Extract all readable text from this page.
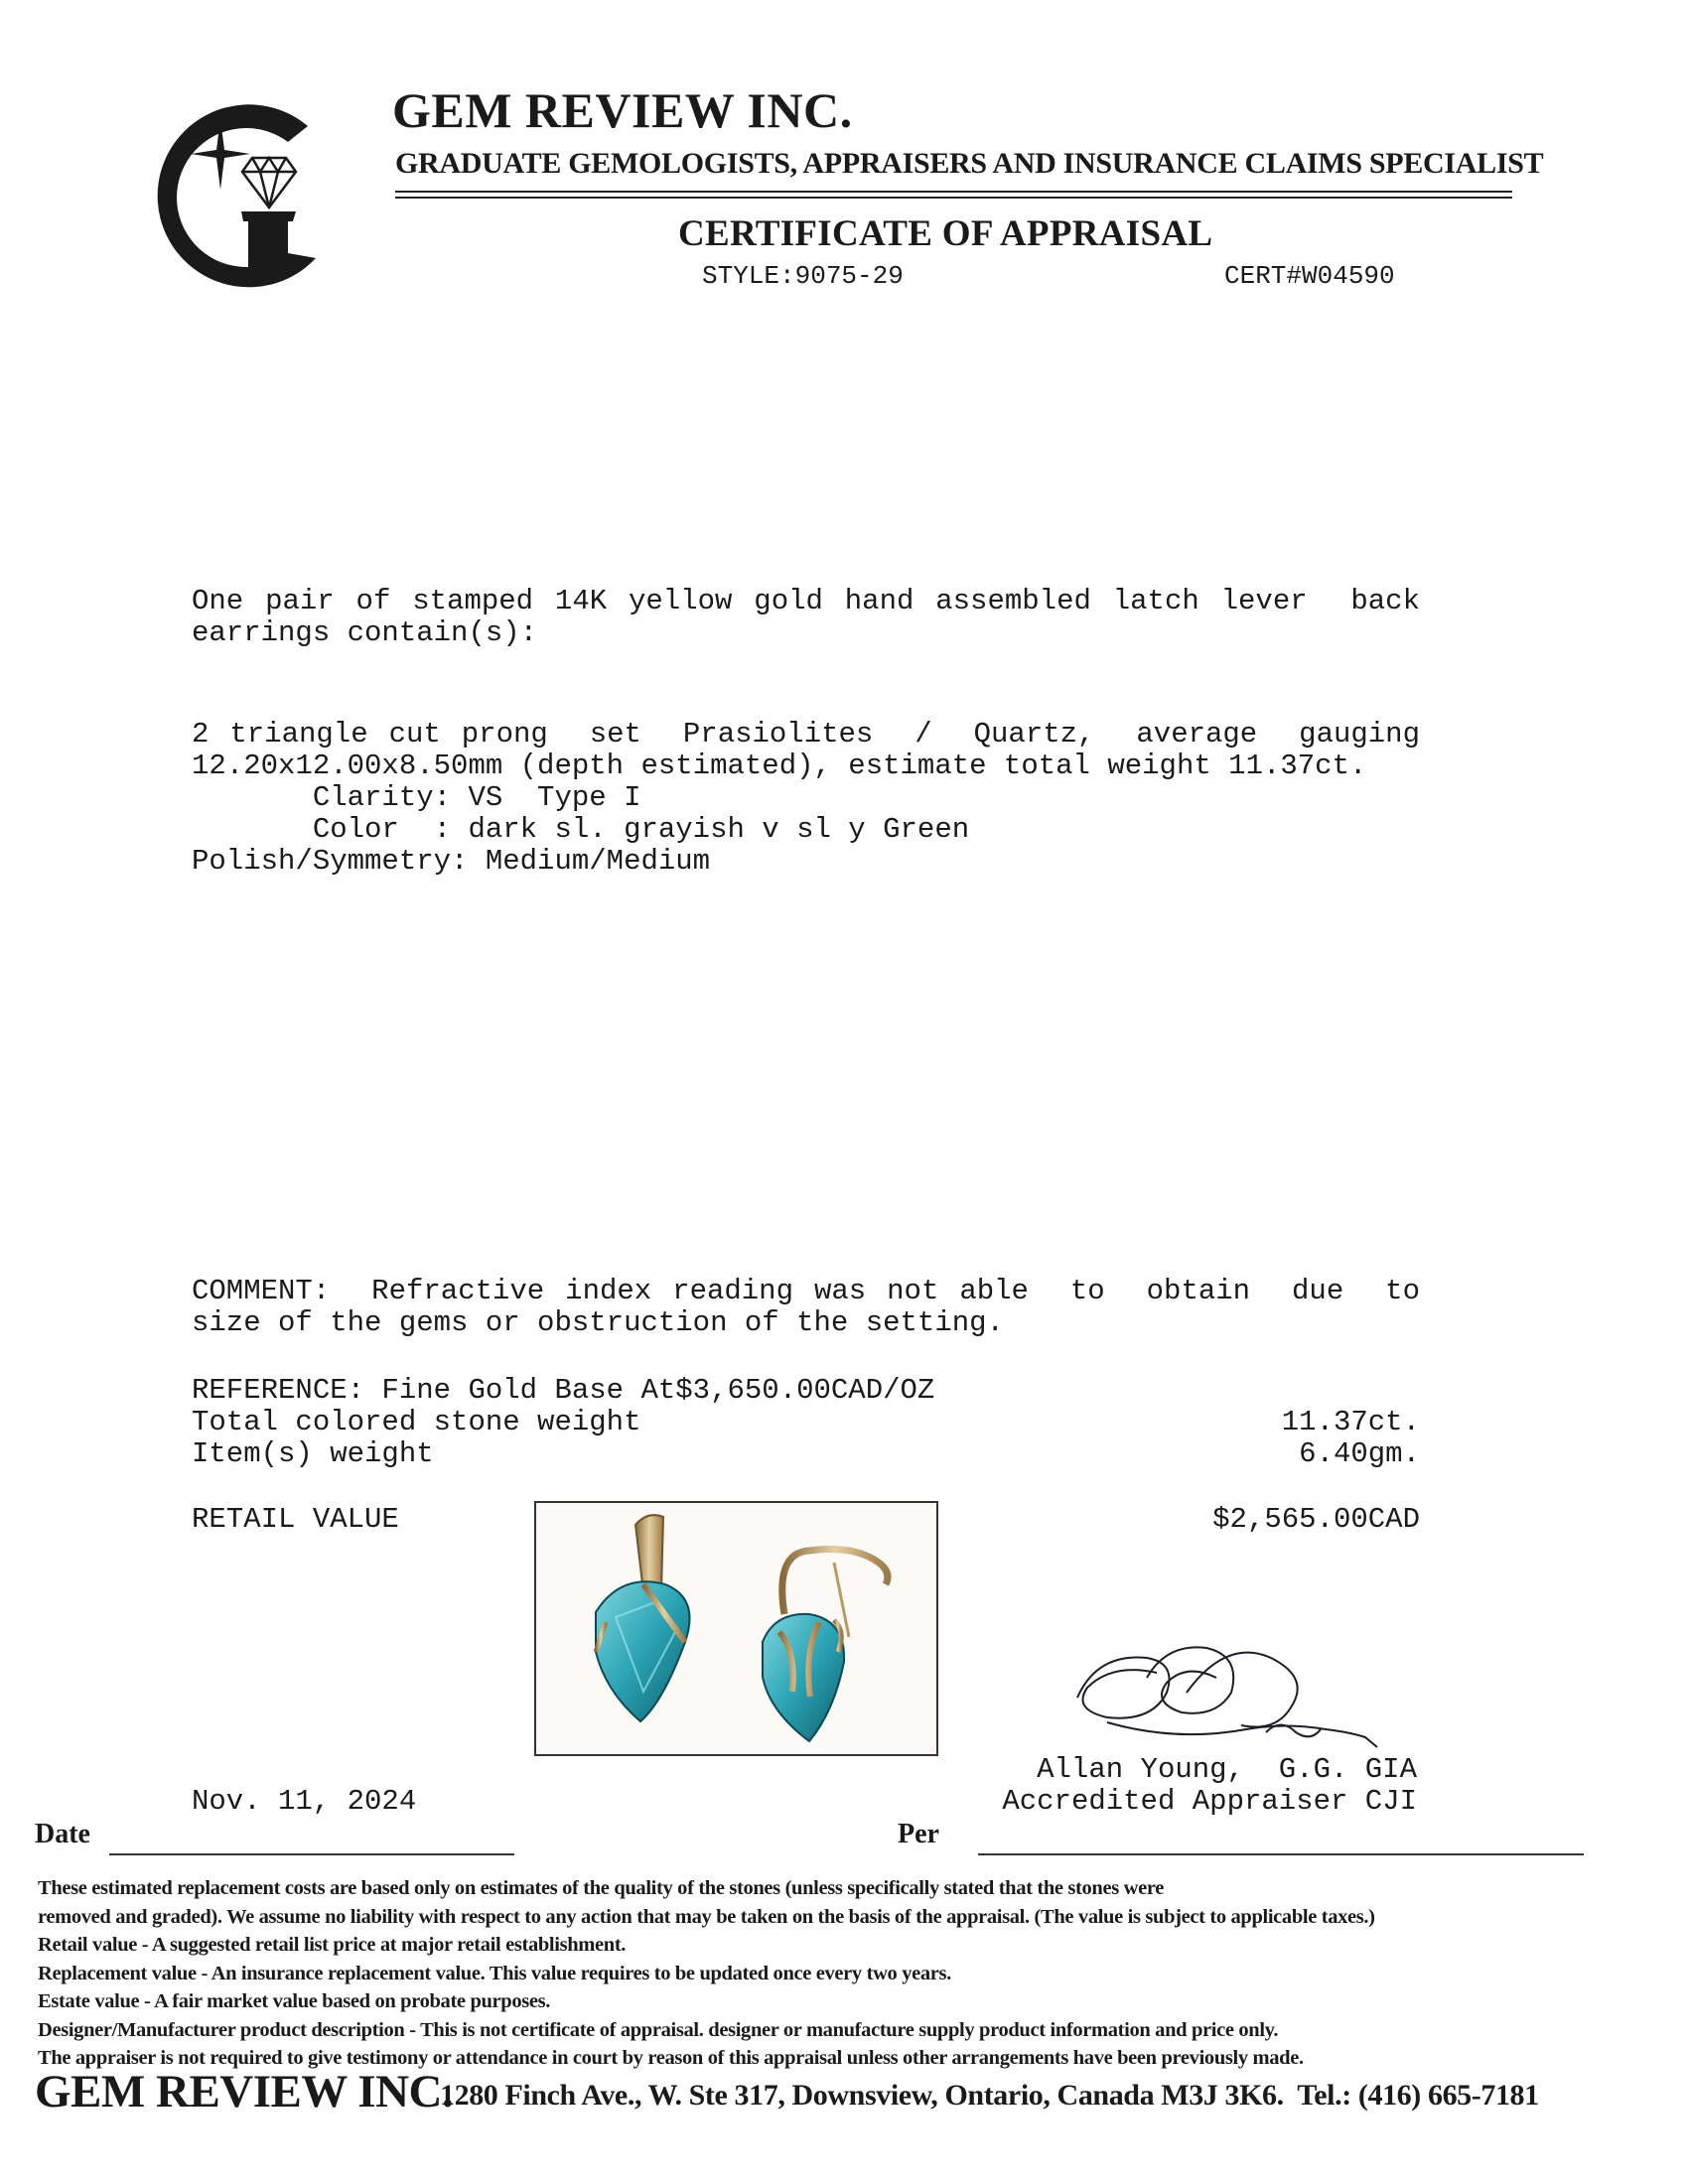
GEM REVIEW INC.
GRADUATE GEMOLOGISTS, APPRAISERS AND INSURANCE CLAIMS SPECIALIST
CERTIFICATE OF APPRAISAL
STYLE:9075-29	CERT#W04590
One pair of stamped 14K yellow gold hand assembled latch lever  back
earrings contain(s):
2 triangle cut prong  set  Prasiolites  /  Quartz,  average  gauging
12.20x12.00x8.50mm (depth estimated), estimate total weight 11.37ct.
Clarity: VS  Type I
Color  : dark sl. grayish v sl y Green
Polish/Symmetry: Medium/Medium
COMMENT:  Refractive index reading was not able  to  obtain  due  to
size of the gems or obstruction of the setting.
REFERENCE: Fine Gold Base At$3,650.00CAD/OZ
Total colored stone weight	11.37ct.
Item(s) weight	6.40gm.
RETAIL VALUE	$2,565.00CAD
Allan Young,  G.G. GIA
Accredited Appraiser CJI
Nov. 11, 2024
Date	Per
These estimated replacement costs are based only on estimates of the quality of the stones (unless specifically stated that the stones were
removed and graded). We assume no liability with respect to any action that may be taken on the basis of the appraisal. (The value is subject to applicable taxes.)
Retail value - A suggested retail list price at major retail establishment.
Replacement value - An insurance replacement value. This value requires to be updated once every two years.
Estate value - A fair market value based on probate purposes.
Designer/Manufacturer product description - This is not certificate of appraisal. designer or manufacture supply product information and price only.
The appraiser is not required to give testimony or attendance in court by reason of this appraisal unless other arrangements have been previously made.
GEM REVIEW INC.
1280 Finch Ave., W. Ste 317, Downsview, Ontario, Canada M3J 3K6.  Tel.: (416) 665-7181
